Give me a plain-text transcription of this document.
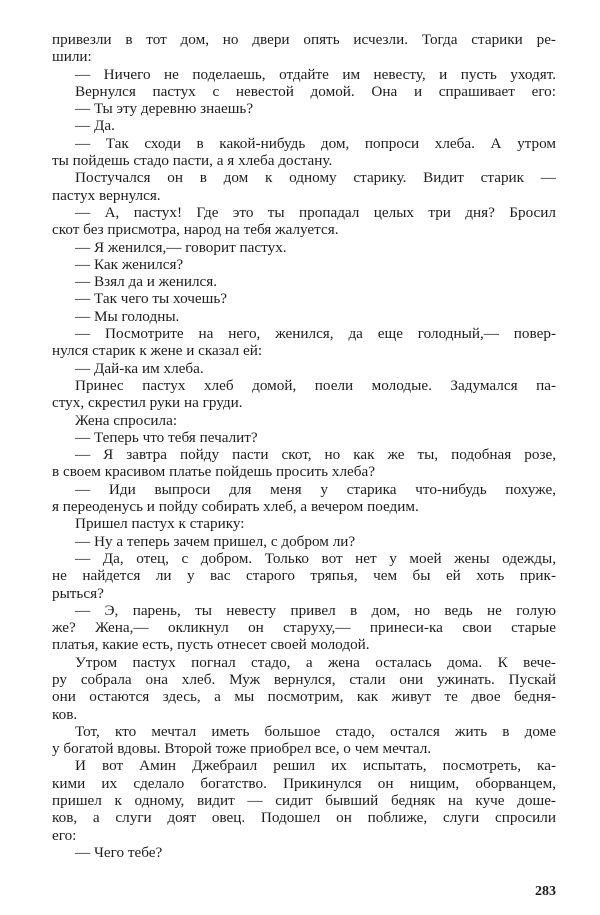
привезли в тот дом, но двери опять исчезли. Тогда старики ре-
шили:
— Ничего не поделаешь, отдайте им невесту, и пусть уходят.
Вернулся пастух с невестой домой. Она и спрашивает его:
— Ты эту деревню знаешь?
— Да.
— Так сходи в какой-нибудь дом, попроси хлеба. А утром
ты пойдешь стадо пасти, а я хлеба достану.
Постучался он в дом к одному старику. Видит старик —
пастух вернулся.
— А, пастух! Где это ты пропадал целых три дня? Бросил
скот без присмотра, народ на тебя жалуется.
— Я женился,— говорит пастух.
— Как женился?
— Взял да и женился.
— Так чего ты хочешь?
— Мы голодны.
— Посмотрите на него, женился, да еще голодный,— повер-
нулся старик к жене и сказал ей:
— Дай-ка им хлеба.
Принес пастух хлеб домой, поели молодые. Задумался па-
стух, скрестил руки на груди.
Жена спросила:
— Теперь что тебя печалит?
— Я завтра пойду пасти скот, но как же ты, подобная розе,
в своем красивом платье пойдешь просить хлеба?
— Иди выпроси для меня у старика что-нибудь похуже,
я переоденусь и пойду собирать хлеб, а вечером поедим.
Пришел пастух к старику:
— Ну а теперь зачем пришел, с добром ли?
— Да, отец, с добром. Только вот нет у моей жены одежды,
не найдется ли у вас старого тряпья, чем бы ей хоть прик-
рыться?
— Э, парень, ты невесту привел в дом, но ведь не голую
же? Жена,— окликнул он старуху,— принеси-ка свои старые
платья, какие есть, пусть отнесет своей молодой.
Утром пастух погнал стадо, а жена осталась дома. К вече-
ру собрала она хлеб. Муж вернулся, стали они ужинать. Пускай
они остаются здесь, а мы посмотрим, как живут те двое бедня-
ков.
Тот, кто мечтал иметь большое стадо, остался жить в доме
у богатой вдовы. Второй тоже приобрел все, о чем мечтал.
И вот Амин Джебраил решил их испытать, посмотреть, ка-
кими их сделало богатство. Прикинулся он нищим, оборванцем,
пришел к одному, видит — сидит бывший бедняк на куче доше-
ков, а слуги доят овец. Подошел он поближе, слуги спросили
его:
— Чего тебе?
283
